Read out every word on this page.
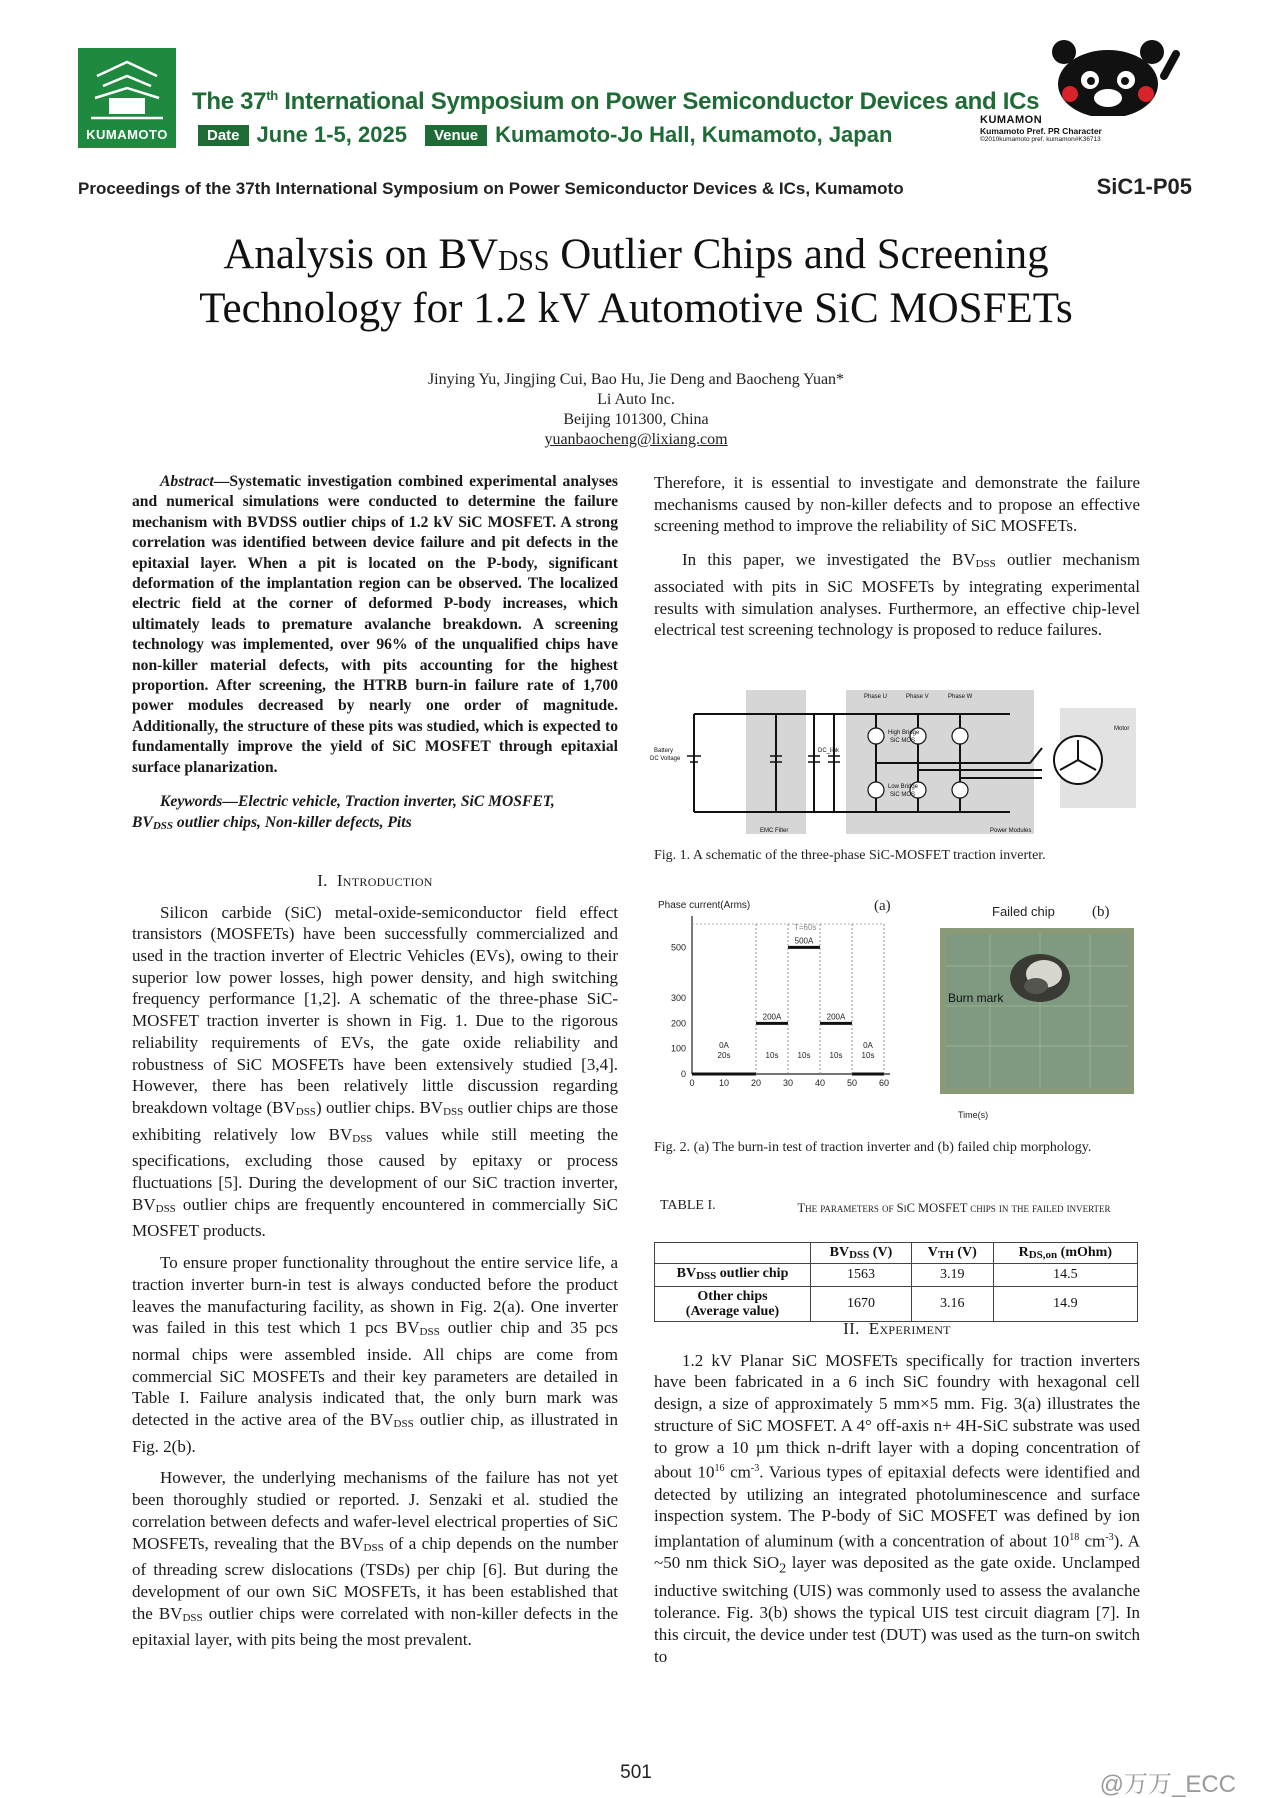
KUMAMOTO
The 37th International Symposium on Power Semiconductor Devices and ICs
Date June 1-5, 2025	Venue Kumamoto-Jo Hall, Kumamoto, Japan
KUMAMON
Kumamoto Pref. PR Character
©2010kumamoto pref. kumamon#K36713
Proceedings of the 37th International Symposium on Power Semiconductor Devices & ICs, Kumamoto	SiC1-P05
Analysis on $BV_{DSS}$ Outlier Chips and Screening
Technology for 1.2 kV Automotive SiC MOSFETs
Jinying Yu, Jingjing Cui, Bao Hu, Jie Deng and Baocheng Yuan*
Li Auto Inc.
Beijing 101300, China
yuanbaocheng@lixiang.com
Abstract—Systematic investigation combined experimental analyses and numerical simulations were conducted to determine the failure mechanism with BVDSS outlier chips of 1.2 kV SiC MOSFET. A strong correlation was identified between device failure and pit defects in the epitaxial layer. When a pit is located on the P-body, significant deformation of the implantation region can be observed. The localized electric field at the corner of deformed P-body increases, which ultimately leads to premature avalanche breakdown. A screening technology was implemented, over 96% of the unqualified chips have non-killer material defects, with pits accounting for the highest proportion. After screening, the HTRB burn-in failure rate of 1,700 power modules decreased by nearly one order of magnitude. Additionally, the structure of these pits was studied, which is expected to fundamentally improve the yield of SiC MOSFET through epitaxial surface planarization.
Keywords—Electric vehicle, Traction inverter, SiC MOSFET,
$BV_{DSS}$ outlier chips, Non-killer defects, Pits
I. Introduction

Silicon carbide (SiC) metal-oxide-semiconductor field effect transistors (MOSFETs) have been successfully commercialized and used in the traction inverter of Electric Vehicles (EVs), owing to their superior low power losses, high power density, and high switching frequency performance [1,2]. A schematic of the three-phase SiC-MOSFET traction inverter is shown in Fig. 1. Due to the rigorous reliability requirements of EVs, the gate oxide reliability and robustness of SiC MOSFETs have been extensively studied [3,4]. However, there has been relatively little discussion regarding breakdown voltage $(BV_{DSS})$ outlier chips. $BV_{DSS}$ outlier chips are those exhibiting relatively low $BV_{DSS}$ values while still meeting the specifications, excluding those caused by epitaxy or process fluctuations [5]. During the development of our SiC traction inverter, $BV_{DSS}$ outlier chips are frequently encountered in commercially SiC MOSFET products.

To ensure proper functionality throughout the entire service life, a traction inverter burn-in test is always conducted before the product leaves the manufacturing facility, as shown in Fig. 2(a). One inverter was failed in this test which 1 pcs $BV_{DSS}$ outlier chip and 35 pcs normal chips were assembled inside. All chips are come from commercial SiC MOSFETs and their key parameters are detailed in Table I. Failure analysis indicated that, the only burn mark was detected in the active area of the $BV_{DSS}$ outlier chip, as illustrated in Fig. 2(b).

However, the underlying mechanisms of the failure has not yet been thoroughly studied or reported. J. Senzaki et al. studied the correlation between defects and wafer-level electrical properties of SiC MOSFETs, revealing that the $BV_{DSS}$ of a chip depends on the number of threading screw dislocations (TSDs) per chip [6]. But during the development of our own SiC MOSFETs, it has been established that the $BV_{DSS}$ outlier chips were correlated with non-killer defects in the epitaxial layer, with pits being the most prevalent.

Therefore, it is essential to investigate and demonstrate the failure mechanisms caused by non-killer defects and to propose an effective screening method to improve the reliability of SiC MOSFETs.

In this paper, we investigated the $BV_{DSS}$ outlier mechanism associated with pits in SiC MOSFETs by integrating experimental results with simulation analyses. Furthermore, an effective chip-level electrical test screening technology is proposed to reduce failures.

Phase U	Phase V	Phase W
High Bridge
SiC MOS
Low Bridge
SiC MOS
Battery
DC Voltage
DC_link
EMC Filter	Power Modules
Motor
Fig. 1. A schematic of the three-phase SiC-MOSFET traction inverter.
Phase current(Arms)	(a)
Time(s)
T=60s
0	10 20 30 40 50 60
0
100
200
300
500
0A
20s
200A
10s
500A
10s
200A
10s
0A
10s
Failed chip (b)
Burn mark
Fig. 2. (a) The burn-in test of traction inverter and (b) failed chip morphology.
TABLE I.	The parameters of SiC MOSFET chips in the failed inverter
	$BV_{DSS}$ (V)	$V_{TH}$ (V)	$R_{DS,on}$ (mOhm)
$BV_{DSS}$ outlier chip	1563	3.19	14.5

Other chips
(Average value)	1670	3.16	14.9
II. Experiment

1.2 kV Planar SiC MOSFETs specifically for traction inverters have been fabricated in a 6 inch SiC foundry with hexagonal cell design, a size of approximately 5 mm×5 mm. Fig. 3(a) illustrates the structure of SiC MOSFET. A 4° off-axis n+ 4H-SiC substrate was used to grow a 10 µm thick n-drift layer with a doping concentration of about $10^{16}$ $cm^{-3}$. Various types of epitaxial defects were identified and detected by utilizing an integrated photoluminescence and surface inspection system. The P-body of SiC MOSFET was defined by ion implantation of aluminum (with a concentration of about $10^{18}$ $cm^{-3}$). A ~50 nm thick SiO$_2$ layer was deposited as the gate oxide. Unclamped inductive switching (UIS) was commonly used to assess the avalanche tolerance. Fig. 3(b) shows the typical UIS test circuit diagram [7]. In this circuit, the device under test (DUT) was used as the turn-on switch to

501	@万万_ECC
